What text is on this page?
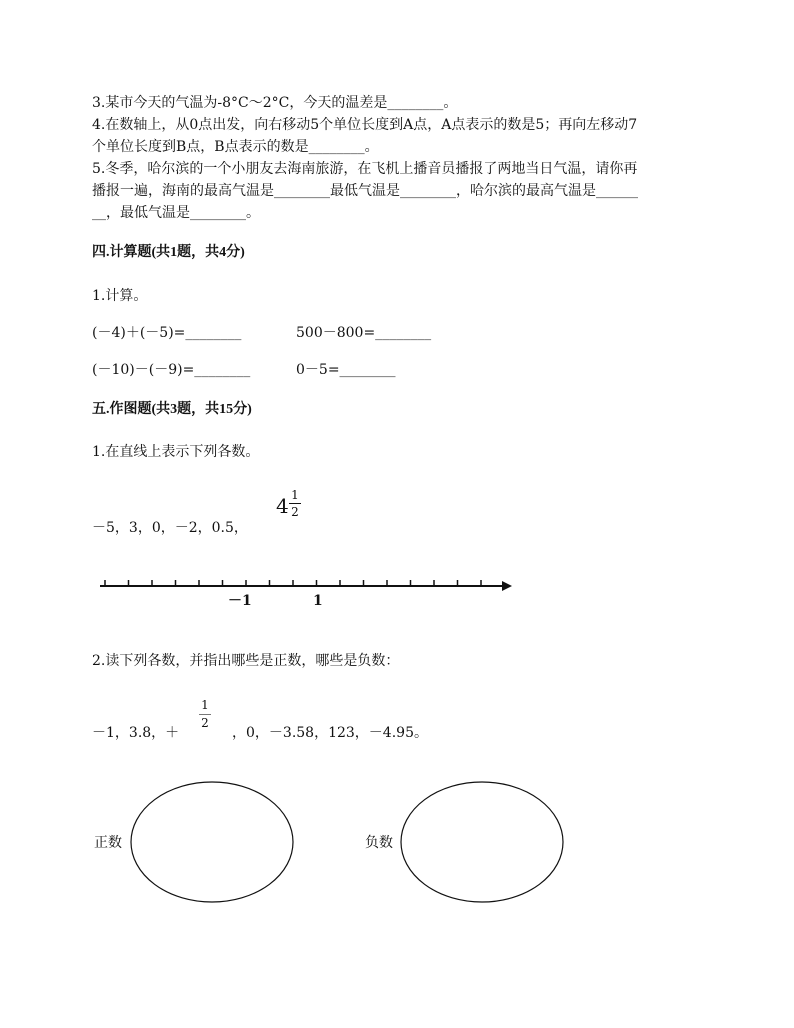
3.某市今天的气温为-8°C～2°C，今天的温差是________。
4.在数轴上，从0点出发，向右移动5个单位长度到A点，A点表示的数是5；再向左移动7
个单位长度到B点，B点表示的数是________。
5.冬季，哈尔滨的一个小朋友去海南旅游，在飞机上播音员播报了两地当日气温，请你再
播报一遍，海南的最高气温是________最低气温是________，哈尔滨的最高气温是______
__，最低气温是________。
四.计算题(共1题，共4分)
1.计算。
(－4)＋(－5)=________	500－800=________
(－10)－(－9)=________	0－5=________
五.作图题(共3题，共15分)
1.在直线上表示下列各数。
－5，3，0，－2，0.5，
4 1
2
－1	1
2.读下列各数，并指出哪些是正数，哪些是负数：
－1，3.8，＋
1
2
，0，－3.58，123，－4.95。
正数	负数
